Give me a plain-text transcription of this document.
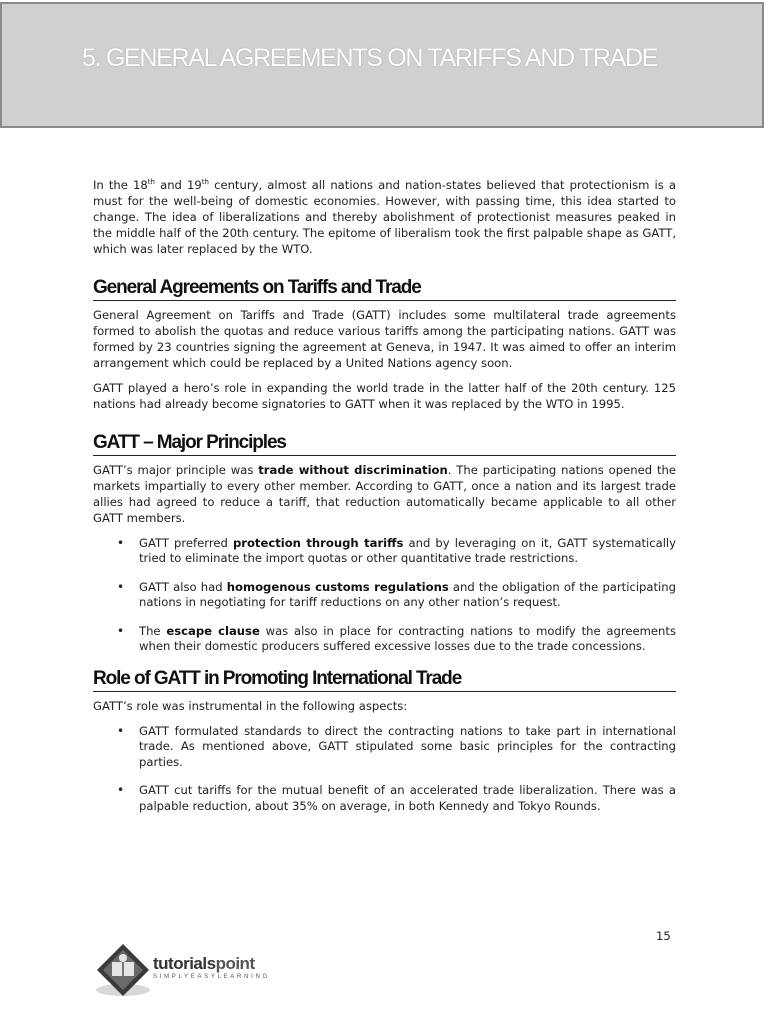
5. GENERAL AGREEMENTS ON TARIFFS AND TRADE

In the 18th and 19th century, almost all nations and nation-states believed that protectionism is a must for the well-being of domestic economies. However, with passing time, this idea started to change. The idea of liberalizations and thereby abolishment of protectionist measures peaked in the middle half of the 20th century. The epitome of liberalism took the first palpable shape as GATT, which was later replaced by the WTO.

General Agreements on Tariffs and Trade

General Agreement on Tariffs and Trade (GATT) includes some multilateral trade agreements formed to abolish the quotas and reduce various tariffs among the participating nations. GATT was formed by 23 countries signing the agreement at Geneva, in 1947. It was aimed to offer an interim arrangement which could be replaced by a United Nations agency soon.

GATT played a hero’s role in expanding the world trade in the latter half of the 20th century. 125 nations had already become signatories to GATT when it was replaced by the WTO in 1995.

GATT – Major Principles

GATT’s major principle was trade without discrimination. The participating nations opened the markets impartially to every other member. According to GATT, once a nation and its largest trade allies had agreed to reduce a tariff, that reduction automatically became applicable to all other GATT members.

• GATT preferred protection through tariffs and by leveraging on it, GATT systematically tried to eliminate the import quotas or other quantitative trade restrictions.
• GATT also had homogenous customs regulations and the obligation of the participating nations in negotiating for tariff reductions on any other nation’s request.
• The escape clause was also in place for contracting nations to modify the agreements when their domestic producers suffered excessive losses due to the trade concessions.
Role of GATT in Promoting International Trade

GATT’s role was instrumental in the following aspects:

• GATT formulated standards to direct the contracting nations to take part in international trade. As mentioned above, GATT stipulated some basic principles for the contracting parties.
• GATT cut tariffs for the mutual benefit of an accelerated trade liberalization. There was a palpable reduction, about 35% on average, in both Kennedy and Tokyo Rounds.
15
tutorialspoint
SIMPLYEASYLEARNING
